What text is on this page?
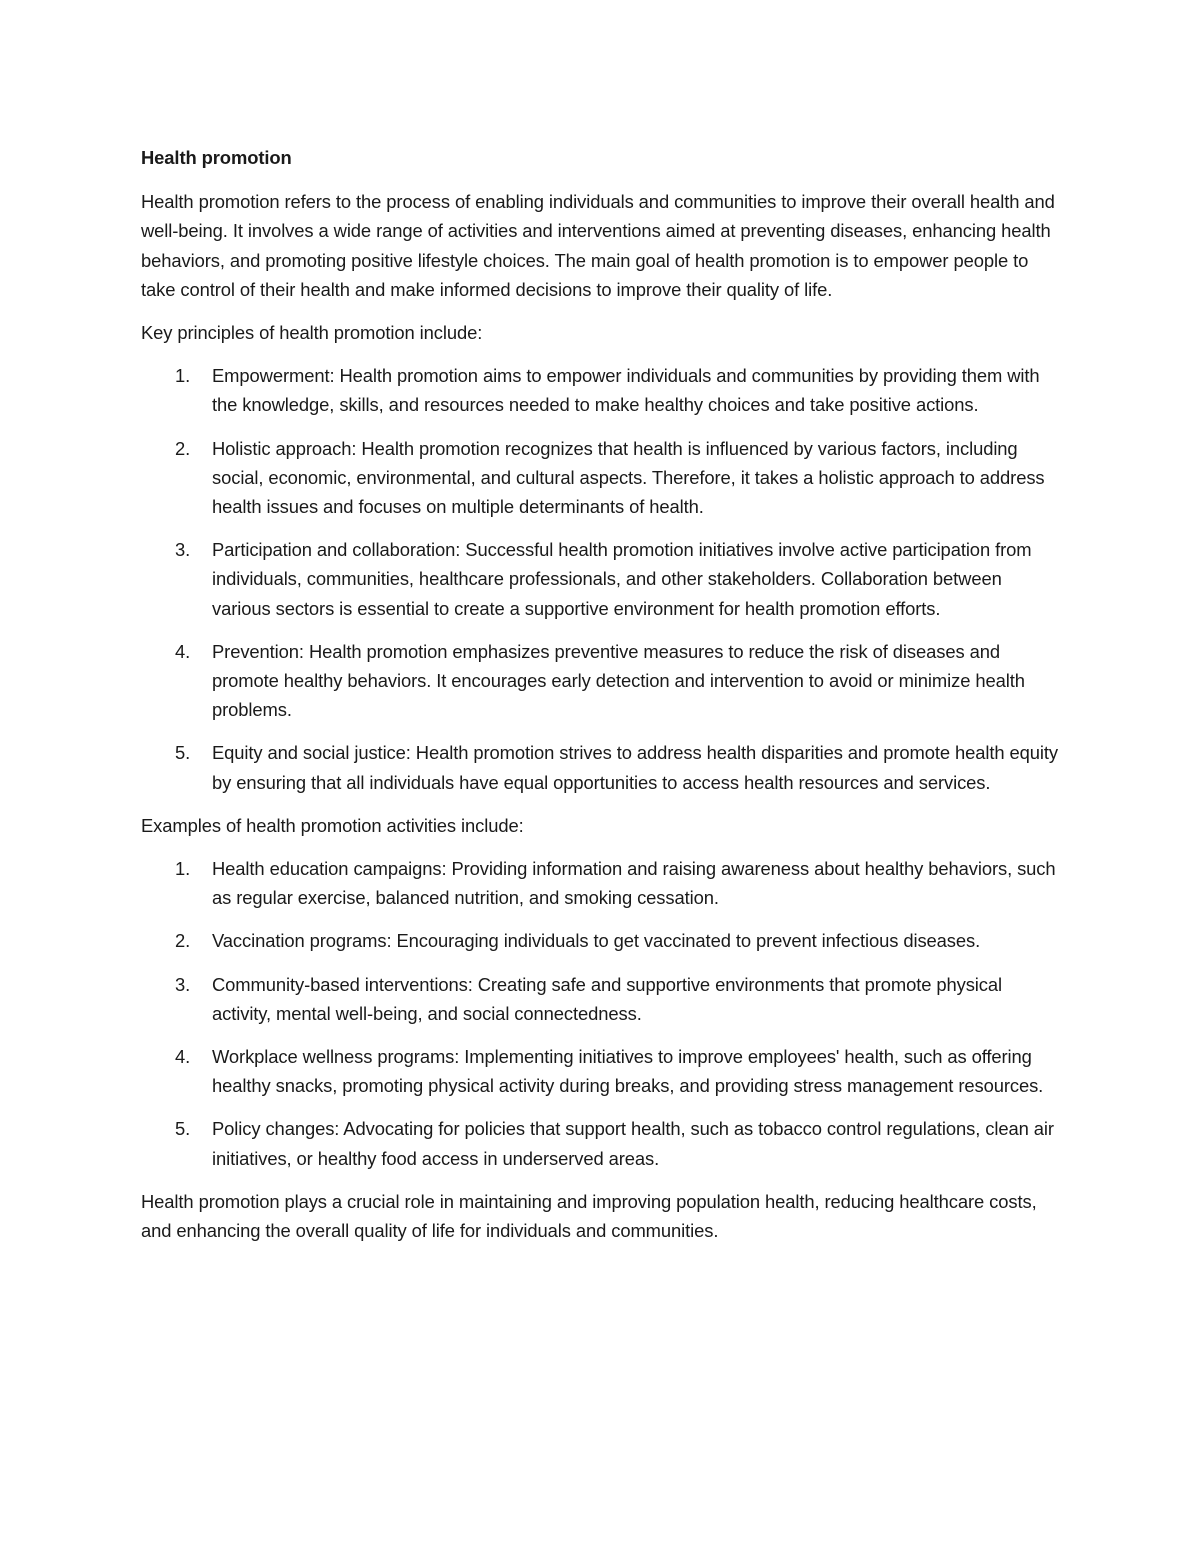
Health promotion

Health promotion refers to the process of enabling individuals and communities to improve their overall health and well-being. It involves a wide range of activities and interventions aimed at preventing diseases, enhancing health behaviors, and promoting positive lifestyle choices. The main goal of health promotion is to empower people to take control of their health and make informed decisions to improve their quality of life.

Key principles of health promotion include:

1. Empowerment: Health promotion aims to empower individuals and communities by providing them with the knowledge, skills, and resources needed to make healthy choices and take positive actions.
2. Holistic approach: Health promotion recognizes that health is influenced by various factors, including social, economic, environmental, and cultural aspects. Therefore, it takes a holistic approach to address health issues and focuses on multiple determinants of health.
3. Participation and collaboration: Successful health promotion initiatives involve active participation from individuals, communities, healthcare professionals, and other stakeholders. Collaboration between various sectors is essential to create a supportive environment for health promotion efforts.
4. Prevention: Health promotion emphasizes preventive measures to reduce the risk of diseases and promote healthy behaviors. It encourages early detection and intervention to avoid or minimize health problems.
5. Equity and social justice: Health promotion strives to address health disparities and promote health equity by ensuring that all individuals have equal opportunities to access health resources and services.

Examples of health promotion activities include:

1. Health education campaigns: Providing information and raising awareness about healthy behaviors, such as regular exercise, balanced nutrition, and smoking cessation.
2. Vaccination programs: Encouraging individuals to get vaccinated to prevent infectious diseases.
3. Community-based interventions: Creating safe and supportive environments that promote physical activity, mental well-being, and social connectedness.
4. Workplace wellness programs: Implementing initiatives to improve employees' health, such as offering healthy snacks, promoting physical activity during breaks, and providing stress management resources.
5. Policy changes: Advocating for policies that support health, such as tobacco control regulations, clean air initiatives, or healthy food access in underserved areas.

Health promotion plays a crucial role in maintaining and improving population health, reducing healthcare costs, and enhancing the overall quality of life for individuals and communities.
